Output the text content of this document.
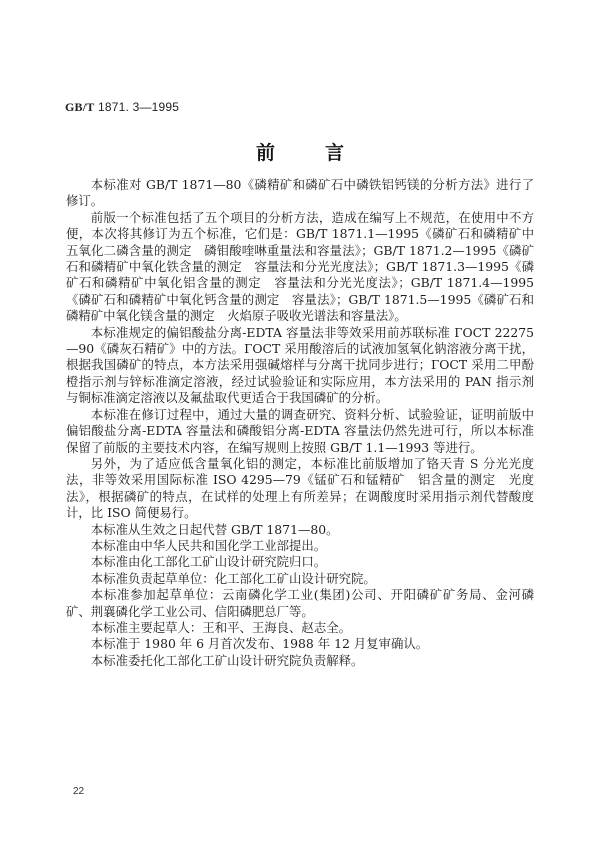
GB/T 1871. 3—1995
前言

本标准对 GB/T 1871—80《磷精矿和磷矿石中磷铁铝钙镁的分析方法》进行了修订。

前版一个标准包括了五个项目的分析方法，造成在编写上不规范，在使用中不方便，本次将其修订为五个标准，它们是：GB/T 1871.1—1995《磷矿石和磷精矿中五氧化二磷含量的测定　磷钼酸喹啉重量法和容量法》；GB/T 1871.2—1995《磷矿石和磷精矿中氧化铁含量的测定　容量法和分光光度法》；GB/T 1871.3—1995《磷矿石和磷精矿中氧化铝含量的测定　容量法和分光光度法》；GB/T 1871.4—1995《磷矿石和磷精矿中氧化钙含量的测定　容量法》；GB/T 1871.5—1995《磷矿石和磷精矿中氧化镁含量的测定　火焰原子吸收光谱法和容量法》。

本标准规定的偏铝酸盐分离-EDTA 容量法非等效采用前苏联标准 ГОСТ 22275—90《磷灰石精矿》中的方法。ГОСТ 采用酸溶后的试液加氢氧化钠溶液分离干扰，根据我国磷矿的特点，本方法采用强碱熔样与分离干扰同步进行；ГОСТ 采用二甲酚橙指示剂与锌标准滴定溶液，经过试验验证和实际应用，本方法采用的 PAN 指示剂与铜标准滴定溶液以及氟盐取代更适合于我国磷矿的分析。

本标准在修订过程中，通过大量的调查研究、资料分析、试验验证，证明前版中偏铝酸盐分离-EDTA 容量法和磷酸铝分离-EDTA 容量法仍然先进可行，所以本标准保留了前版的主要技术内容，在编写规则上按照 GB/T 1.1—1993 等进行。

另外，为了适应低含量氧化铝的测定，本标准比前版增加了铬天青 S 分光光度法，非等效采用国际标准 ISO 4295—79《锰矿石和锰精矿　铝含量的测定　光度法》，根据磷矿的特点，在试样的处理上有所差异；在调酸度时采用指示剂代替酸度计，比 ISO 简便易行。

本标准从生效之日起代替 GB/T 1871—80。

本标准由中华人民共和国化学工业部提出。

本标准由化工部化工矿山设计研究院归口。

本标准负责起草单位：化工部化工矿山设计研究院。

本标准参加起草单位：云南磷化学工业(集团)公司、开阳磷矿矿务局、金河磷矿、荆襄磷化学工业公司、信阳磷肥总厂等。

本标准主要起草人：王和平、王海良、赵志全。

本标准于 1980 年 6 月首次发布、1988 年 12 月复审确认。

本标准委托化工部化工矿山设计研究院负责解释。

22
